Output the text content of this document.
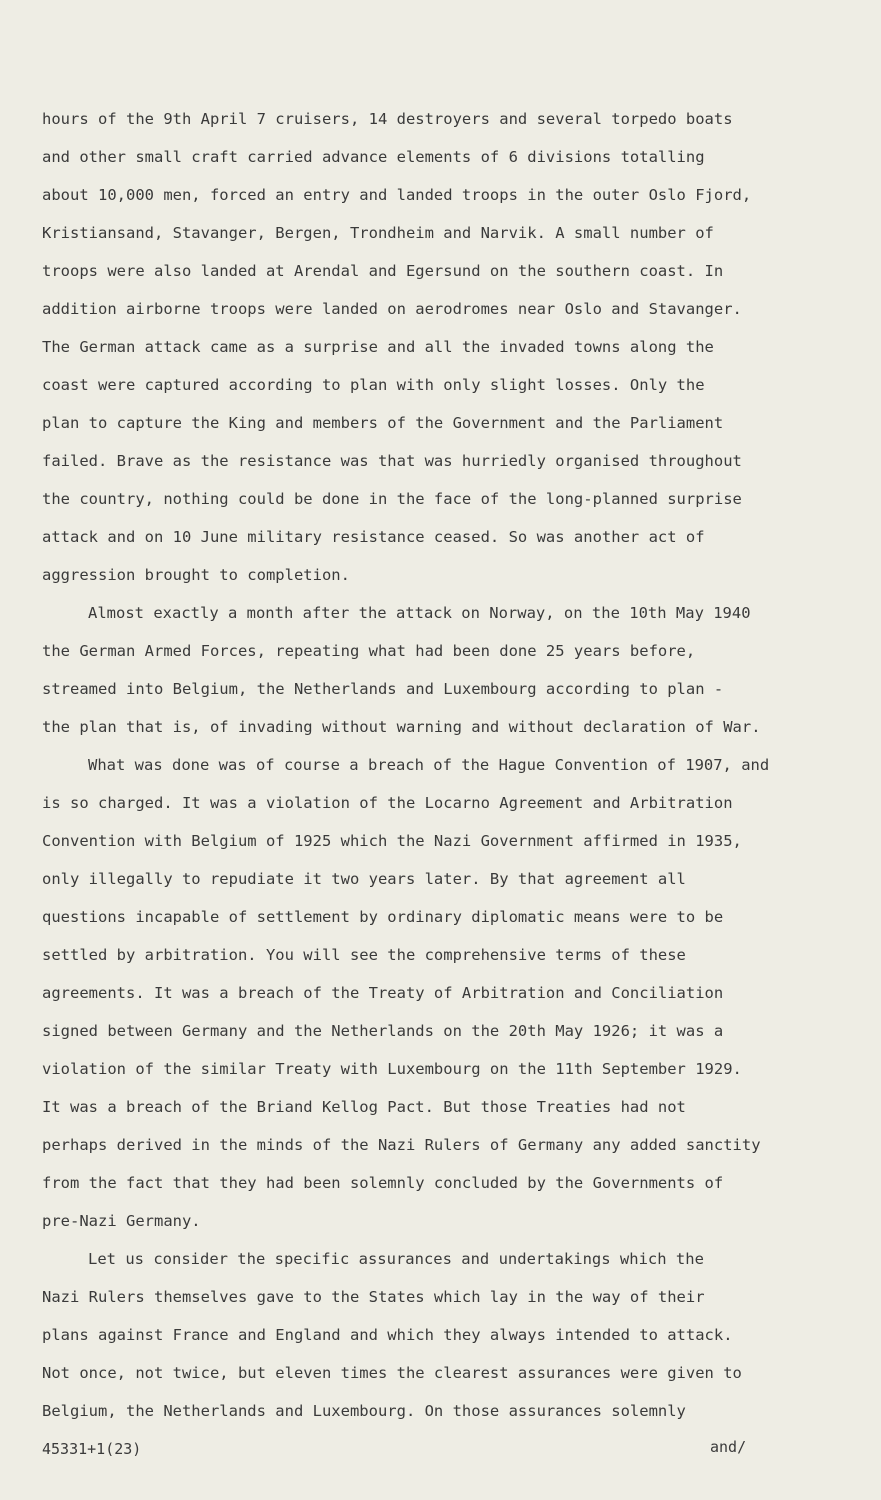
hours of the 9th April 7 cruisers, 14 destroyers and several torpedo boats
and other small craft carried advance elements of 6 divisions totalling
about 10,000 men, forced an entry and landed troops in the outer Oslo Fjord,
Kristiansand, Stavanger, Bergen, Trondheim and Narvik. A small number of
troops were also landed at Arendal and Egersund on the southern coast. In
addition airborne troops were landed on aerodromes near Oslo and Stavanger.
The German attack came as a surprise and all the invaded towns along the
coast were captured according to plan with only slight losses. Only the
plan to capture the King and members of the Government and the Parliament
failed. Brave as the resistance was that was hurriedly organised throughout
the country, nothing could be done in the face of the long-planned surprise
attack and on 10 June military resistance ceased. So was another act of
aggression brought to completion.
Almost exactly a month after the attack on Norway, on the 10th May 1940
the German Armed Forces, repeating what had been done 25 years before,
streamed into Belgium, the Netherlands and Luxembourg according to plan -
the plan that is, of invading without warning and without declaration of War.
What was done was of course a breach of the Hague Convention of 1907, and
is so charged. It was a violation of the Locarno Agreement and Arbitration
Convention with Belgium of 1925 which the Nazi Government affirmed in 1935,
only illegally to repudiate it two years later. By that agreement all
questions incapable of settlement by ordinary diplomatic means were to be
settled by arbitration. You will see the comprehensive terms of these
agreements. It was a breach of the Treaty of Arbitration and Conciliation
signed between Germany and the Netherlands on the 20th May 1926; it was a
violation of the similar Treaty with Luxembourg on the 11th September 1929.
It was a breach of the Briand Kellog Pact. But those Treaties had not
perhaps derived in the minds of the Nazi Rulers of Germany any added sanctity
from the fact that they had been solemnly concluded by the Governments of
pre-Nazi Germany.
Let us consider the specific assurances and undertakings which the
Nazi Rulers themselves gave to the States which lay in the way of their
plans against France and England and which they always intended to attack.
Not once, not twice, but eleven times the clearest assurances were given to
Belgium, the Netherlands and Luxembourg. On those assurances solemnly
45331+1(23)	and/
